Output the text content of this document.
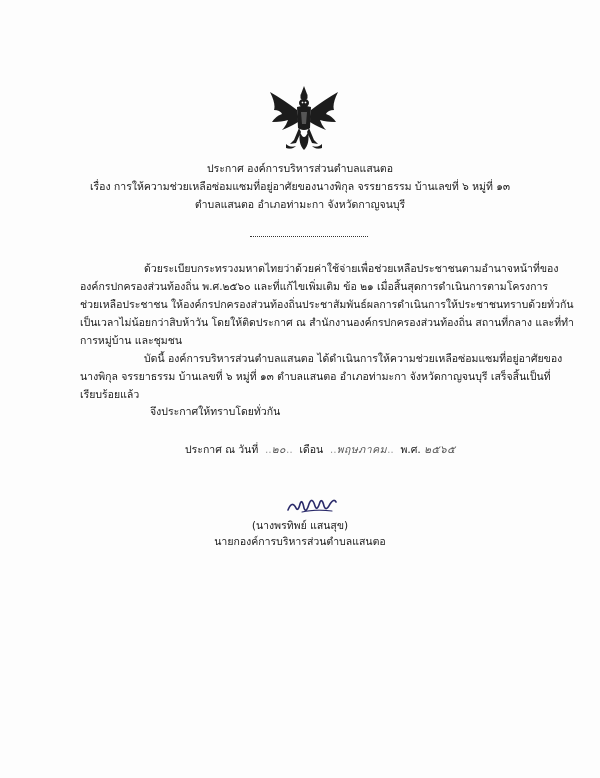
ประกาศ องค์การบริหารส่วนตำบลแสนตอ
เรื่อง การให้ความช่วยเหลือซ่อมแซมที่อยู่อาศัยของนางพิกุล จรรยาธรรม บ้านเลขที่ ๖ หมู่ที่ ๑๓
ตำบลแสนตอ อำเภอท่ามะกา จังหวัดกาญจนบุรี

ด้วยระเบียบกระทรวงมหาดไทยว่าด้วยค่าใช้จ่ายเพื่อช่วยเหลือประชาชนตามอำนาจหน้าที่ของ
องค์กรปกครองส่วนท้องถิ่น พ.ศ.๒๕๖๐ และที่แก้ไขเพิ่มเติม ข้อ ๒๑ เมื่อสิ้นสุดการดำเนินการตามโครงการ
ช่วยเหลือประชาชน ให้องค์กรปกครองส่วนท้องถิ่นประชาสัมพันธ์ผลการดำเนินการให้ประชาชนทราบด้วยทั่วกัน
เป็นเวลาไม่น้อยกว่าสิบห้าวัน โดยให้ติดประกาศ ณ สำนักงานองค์กรปกครองส่วนท้องถิ่น สถานที่กลาง และที่ทำ
การหมู่บ้าน และชุมชน

บัดนี้ องค์การบริหารส่วนตำบลแสนตอ ได้ดำเนินการให้ความช่วยเหลือซ่อมแซมที่อยู่อาศัยของ
นางพิกุล จรรยาธรรม บ้านเลขที่ ๖ หมู่ที่ ๑๓ ตำบลแสนตอ อำเภอท่ามะกา จังหวัดกาญจนบุรี เสร็จสิ้นเป็นที่
เรียบร้อยแล้ว

จึงประกาศให้ทราบโดยทั่วกัน

ประกาศ ณ วันที่  ..๒๐..  เดือน  ..พฤษภาคม..  พ.ศ. ๒๕๖๕
(นางพรทิพย์ แสนสุข)
นายกองค์การบริหารส่วนตำบลแสนตอ
